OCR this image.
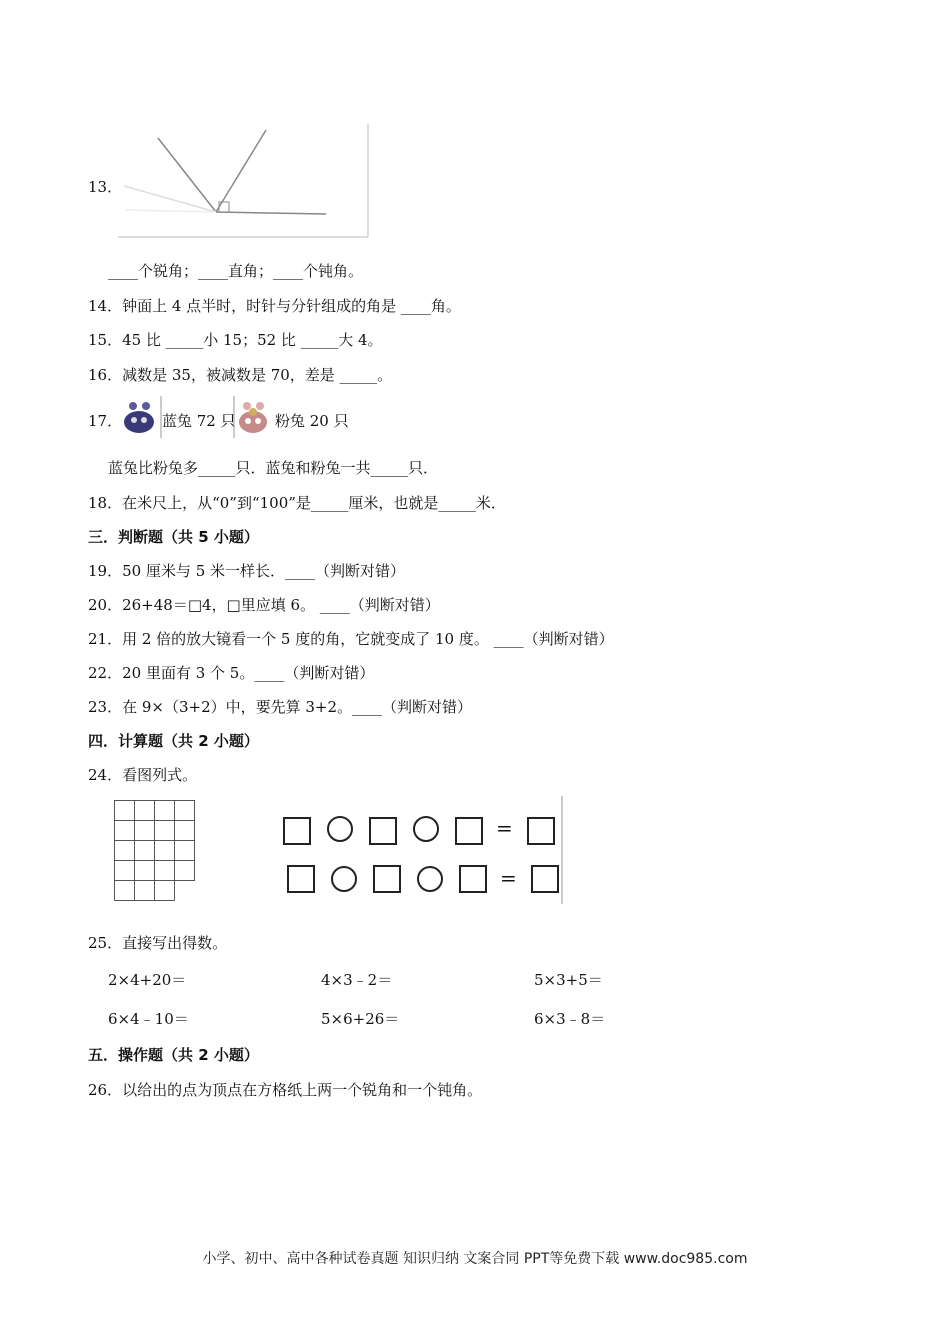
13．
____个锐角；____直角；____个钝角。
14．钟面上 4 点半时，时针与分针组成的角是 ____角。
15．45 比 _____小 15；52 比 _____大 4。
16．减数是 35，被减数是 70，差是 _____。
17．	蓝兔 72 只	粉兔 20 只
蓝兔比粉兔多_____只．蓝兔和粉兔一共_____只．
18．在米尺上，从“0”到“100”是_____厘米，也就是_____米．
三．判断题（共 5 小题）
19．50 厘米与 5 米一样长．____（判断对错）
20．26+48＝□4，□里应填 6。 ____（判断对错）
21．用 2 倍的放大镜看一个 5 度的角，它就变成了 10 度。 ____（判断对错）
22．20 里面有 3 个 5。____（判断对错）
23．在 9×（3+2）中，要先算 3+2。____（判断对错）
四．计算题（共 2 小题）
24．看图列式。
=
=
25．直接写出得数。
2×4+20＝	4×3﹣2＝	5×3+5＝
6×4﹣10＝	5×6+26＝	6×3﹣8＝
五．操作题（共 2 小题）
26．以给出的点为顶点在方格纸上两一个锐角和一个钝角。
小学、初中、高中各种试卷真题 知识归纳 文案合同 PPT等免费下载 www.doc985.com
